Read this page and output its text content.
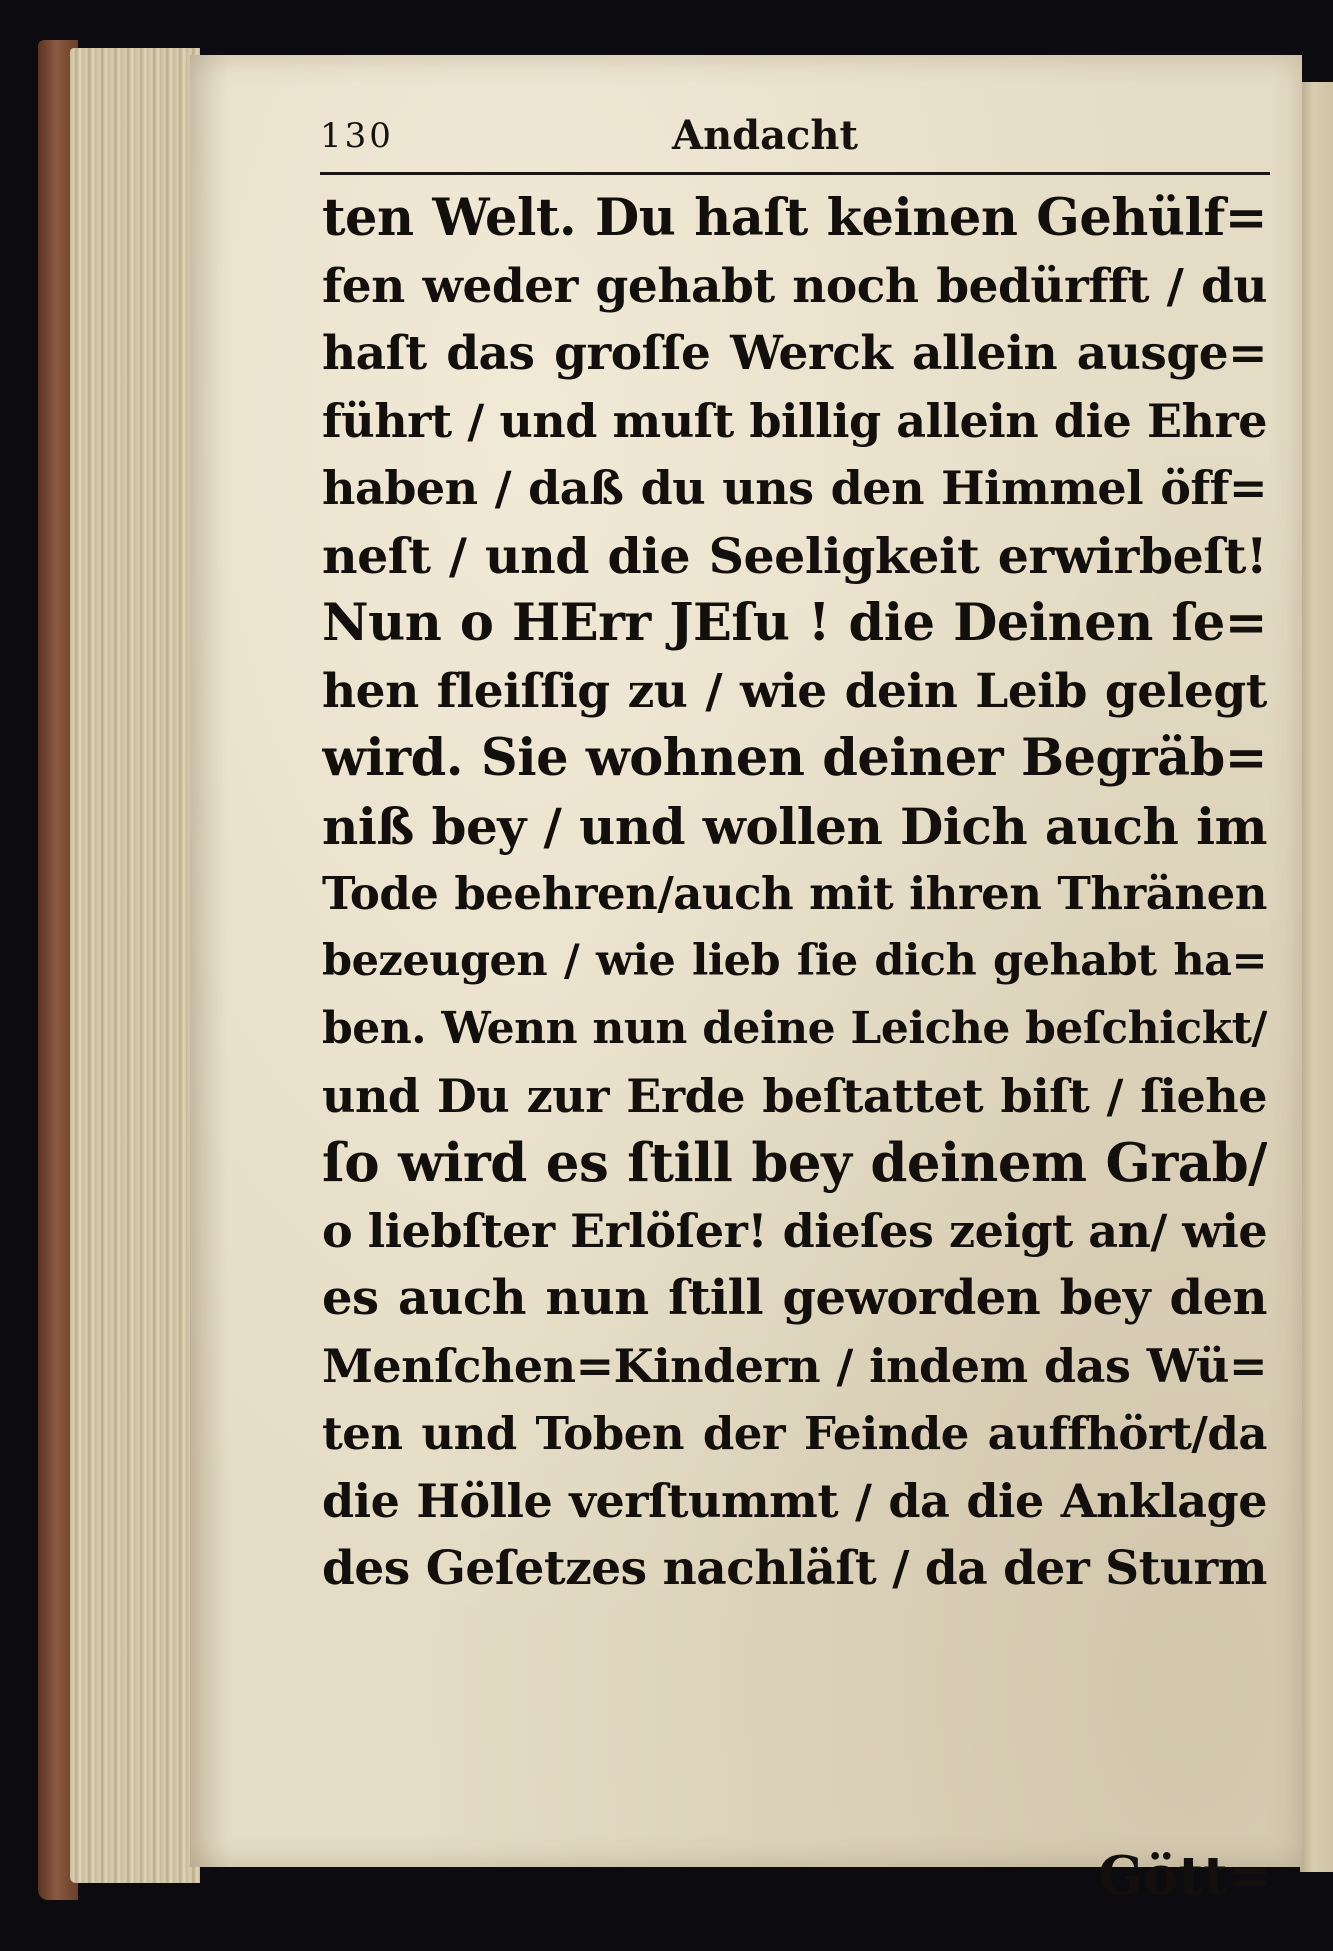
130	Andacht
ten Welt. Du haſt keinen Gehülf=
fen weder gehabt noch bedürfft / du
haſt das groſſe Werck allein ausge=
führt / und muſt billig allein die Ehre
haben / daß du uns den Himmel öff=
neſt / und die Seeligkeit erwirbeſt!
Nun o HErr JEſu ! die Deinen ſe=
hen fleiſſig zu / wie dein Leib gelegt
wird. Sie wohnen deiner Begräb=
niß bey / und wollen Dich auch im
Tode beehren/auch mit ihren Thränen
bezeugen / wie lieb ſie dich gehabt ha=
ben. Wenn nun deine Leiche beſchickt/
und Du zur Erde beſtattet biſt / ſiehe
ſo wird es ſtill bey deinem Grab/
o liebſter Erlöſer! dieſes zeigt an/ wie
es auch nun ſtill geworden bey den
Menſchen=Kindern / indem das Wü=
ten und Toben der Feinde auffhört/da
die Hölle verſtummt / da die Anklage
des Geſetzes nachläſt / da der Sturm
Gött=
